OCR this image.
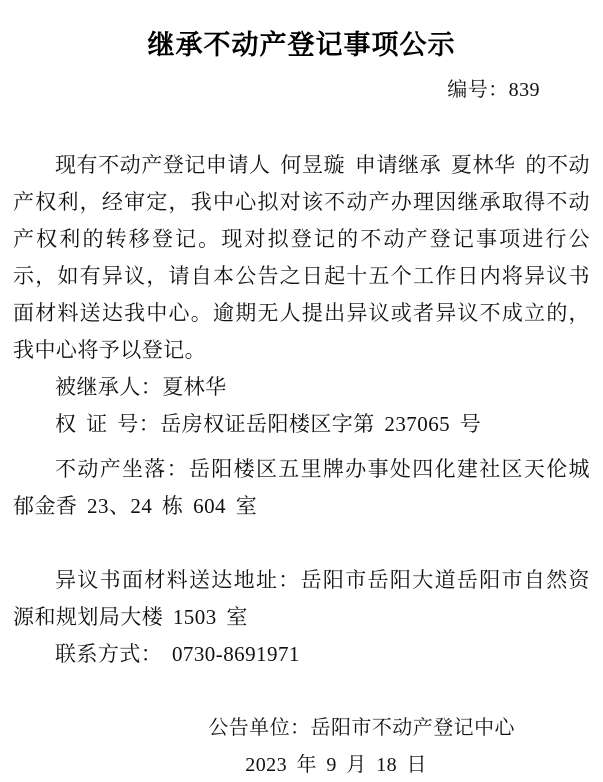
继承不动产登记事项公示
编号：839

现有不动产登记申请人 何昱璇 申请继承 夏林华 的不动产权利，经审定，我中心拟对该不动产办理因继承取得不动产权利的转移登记。现对拟登记的不动产登记事项进行公示，如有异议，请自本公告之日起十五个工作日内将异议书面材料送达我中心。逾期无人提出异议或者异议不成立的，我中心将予以登记。

被继承人：夏林华

权 证 号：岳房权证岳阳楼区字第 237065 号

不动产坐落：岳阳楼区五里牌办事处四化建社区天伦城郁金香 23、24 栋 604 室

异议书面材料送达地址：岳阳市岳阳大道岳阳市自然资源和规划局大楼 1503 室

联系方式： 0730-8691971

公告单位：岳阳市不动产登记中心
2023 年 9 月 18 日
